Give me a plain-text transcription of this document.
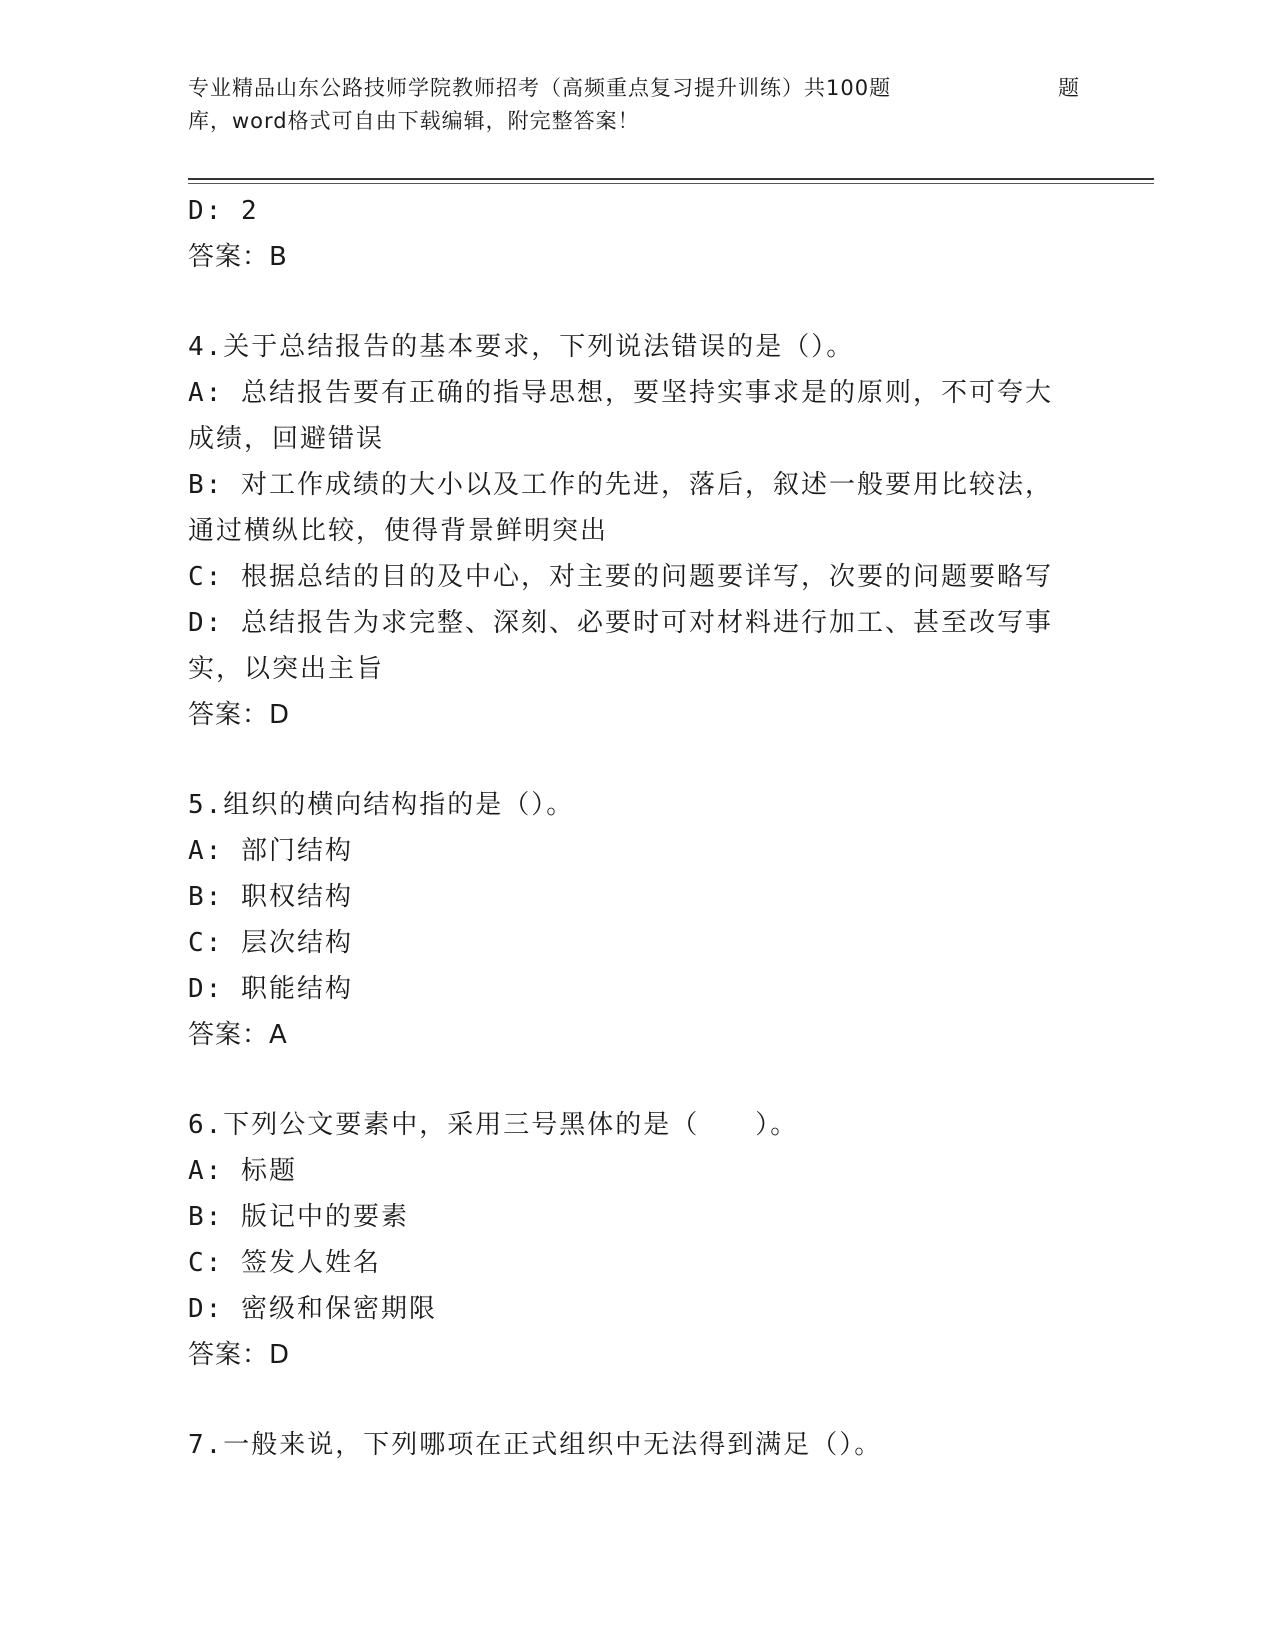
专业精品山东公路技师学院教师招考（高频重点复习提升训练）共100题
库，word格式可自由下载编辑，附完整答案！
题
D: 2
答案：B
4.关于总结报告的基本要求，下列说法错误的是（）。
A: 总结报告要有正确的指导思想，要坚持实事求是的原则，不可夸大
成绩，回避错误
B: 对工作成绩的大小以及工作的先进，落后，叙述一般要用比较法，
通过横纵比较，使得背景鲜明突出
C: 根据总结的目的及中心，对主要的问题要详写，次要的问题要略写
D: 总结报告为求完整、深刻、必要时可对材料进行加工、甚至改写事
实，以突出主旨
答案：D
5.组织的横向结构指的是（）。
A: 部门结构
B: 职权结构
C: 层次结构
D: 职能结构
答案：A
6.下列公文要素中，采用三号黑体的是（　　）。
A: 标题
B: 版记中的要素
C: 签发人姓名
D: 密级和保密期限
答案：D
7.一般来说，下列哪项在正式组织中无法得到满足（）。
